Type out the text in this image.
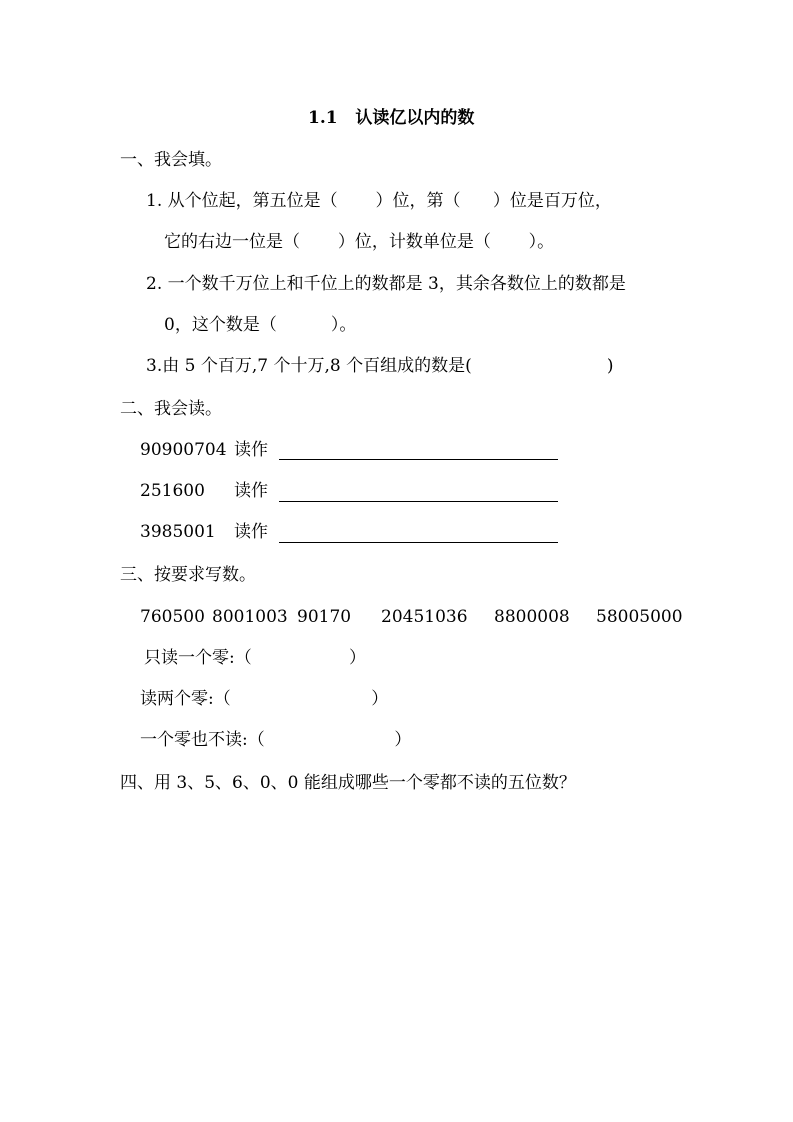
1.1   认读亿以内的数
一、我会填。
1. 从个位起，第五位是（       ）位，第（      ）位是百万位，
它的右边一位是（       ）位，计数单位是（       ）。
2. 一个数千万位上和千位上的数都是 3，其余各数位上的数都是
0，这个数是（          ）。
3.由 5 个百万,7 个十万,8 个百组成的数是(                         )
二、我会读。
90900704 读作
251600 读作
3985001 读作
三、按要求写数。
760500 8001003 90170 20451036 8800008 58005000
只读一个零:（                  ）
读两个零:（                          ）
一个零也不读:（                        ）
四、用 3、5、6、0、0 能组成哪些一个零都不读的五位数？
